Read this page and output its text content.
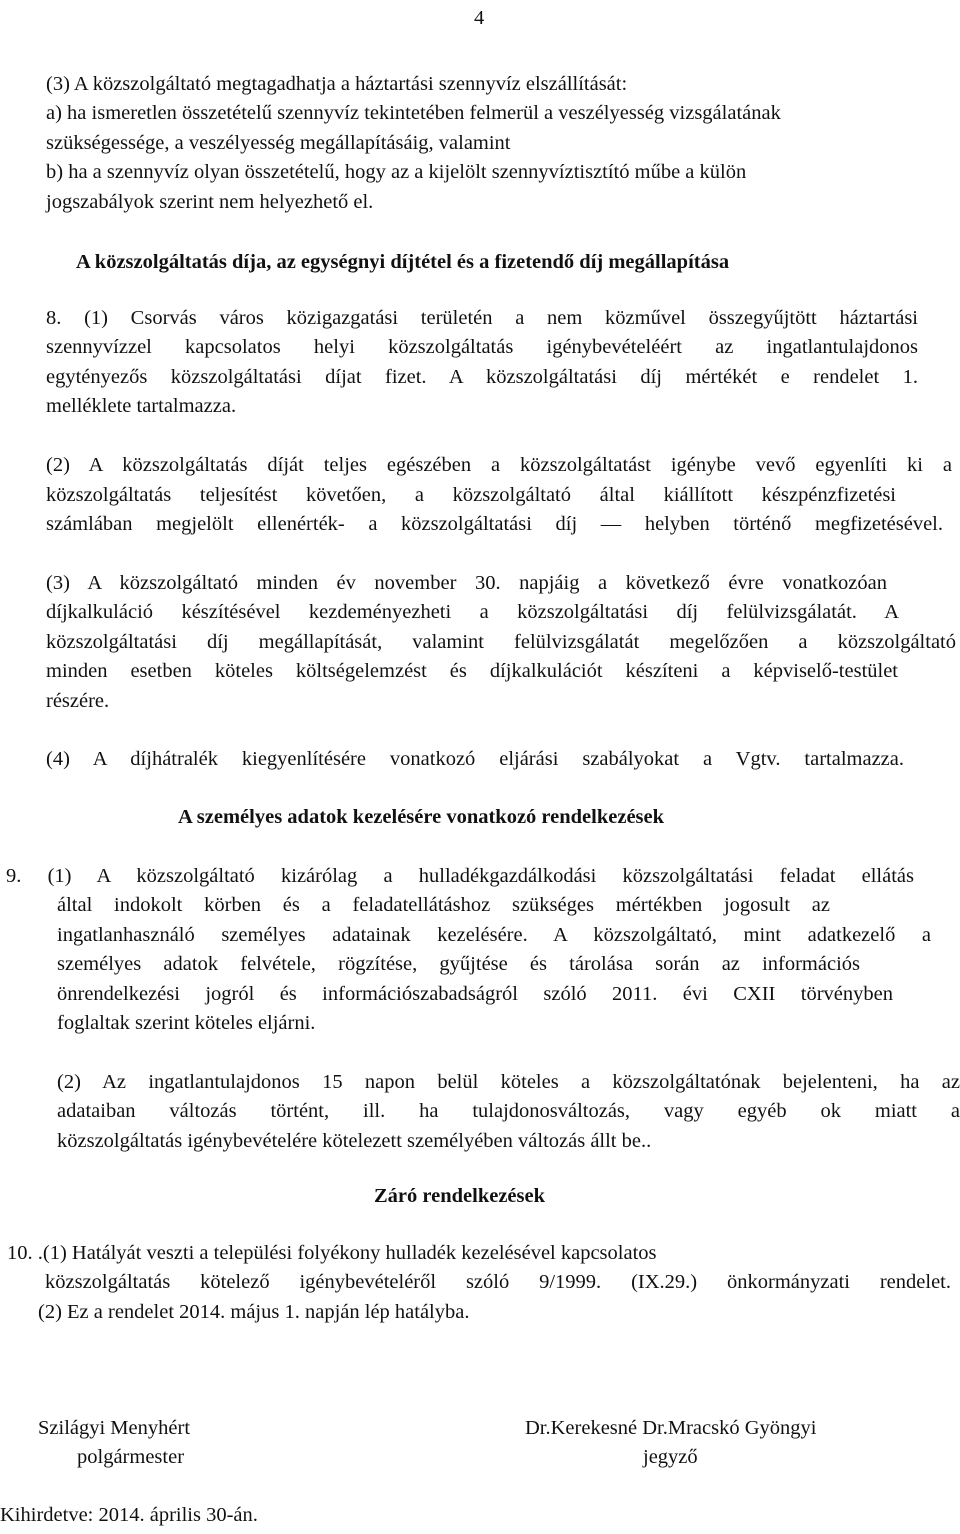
4
(3) A közszolgáltató megtagadhatja a háztartási szennyvíz elszállítását:
a) ha ismeretlen összetételű szennyvíz tekintetében felmerül a veszélyesség vizsgálatának
szükségessége, a veszélyesség megállapításáig, valamint
b) ha a szennyvíz olyan összetételű, hogy az a kijelölt szennyvíztisztító műbe a külön
jogszabályok szerint nem helyezhető el.
A közszolgáltatás díja, az egységnyi díjtétel és a fizetendő díj megállapítása
8. (1) Csorvás város közigazgatási területén a nem közművel összegyűjtött háztartási
szennyvízzel kapcsolatos helyi közszolgáltatás igénybevételéért az ingatlantulajdonos
egytényezős közszolgáltatási díjat fizet. A közszolgáltatási díj mértékét e rendelet 1.
melléklete tartalmazza.
(2) A közszolgáltatás díját teljes egészében a közszolgáltatást igénybe vevő egyenlíti ki a
közszolgáltatás teljesítést követően, a közszolgáltató által kiállított készpénzfizetési
számlában megjelölt ellenérték- a közszolgáltatási díj — helyben történő megfizetésével.
(3) A közszolgáltató minden év november 30. napjáig a következő évre vonatkozóan
díjkalkuláció készítésével kezdeményezheti a közszolgáltatási díj felülvizsgálatát. A
közszolgáltatási díj megállapítását, valamint felülvizsgálatát megelőzően a közszolgáltató
minden esetben köteles költségelemzést és díjkalkulációt készíteni a képviselő-testület
részére.
(4) A díjhátralék kiegyenlítésére vonatkozó eljárási szabályokat a Vgtv. tartalmazza.
A személyes adatok kezelésére vonatkozó rendelkezések
9. (1) A közszolgáltató kizárólag a hulladékgazdálkodási közszolgáltatási feladat ellátás
által indokolt körben és a feladatellátáshoz szükséges mértékben jogosult az
ingatlanhasználó személyes adatainak kezelésére. A közszolgáltató, mint adatkezelő a
személyes adatok felvétele, rögzítése, gyűjtése és tárolása során az információs
önrendelkezési jogról és információszabadságról szóló 2011. évi CXII törvényben
foglaltak szerint köteles eljárni.
(2) Az ingatlantulajdonos 15 napon belül köteles a közszolgáltatónak bejelenteni, ha az
adataiban változás történt, ill. ha tulajdonosváltozás, vagy egyéb ok miatt a
közszolgáltatás igénybevételére kötelezett személyében változás állt be..
Záró rendelkezések
10. .(1) Hatályát veszti a települési folyékony hulladék kezelésével kapcsolatos
közszolgáltatás kötelező igénybevételéről szóló 9/1999. (IX.29.) önkormányzati rendelet.
(2) Ez a rendelet 2014. május 1. napján lép hatályba.
Szilágyi Menyhért
polgármester
Dr.Kerekesné Dr.Mracskó Gyöngyi
jegyző
Kihirdetve: 2014. április 30-án.
